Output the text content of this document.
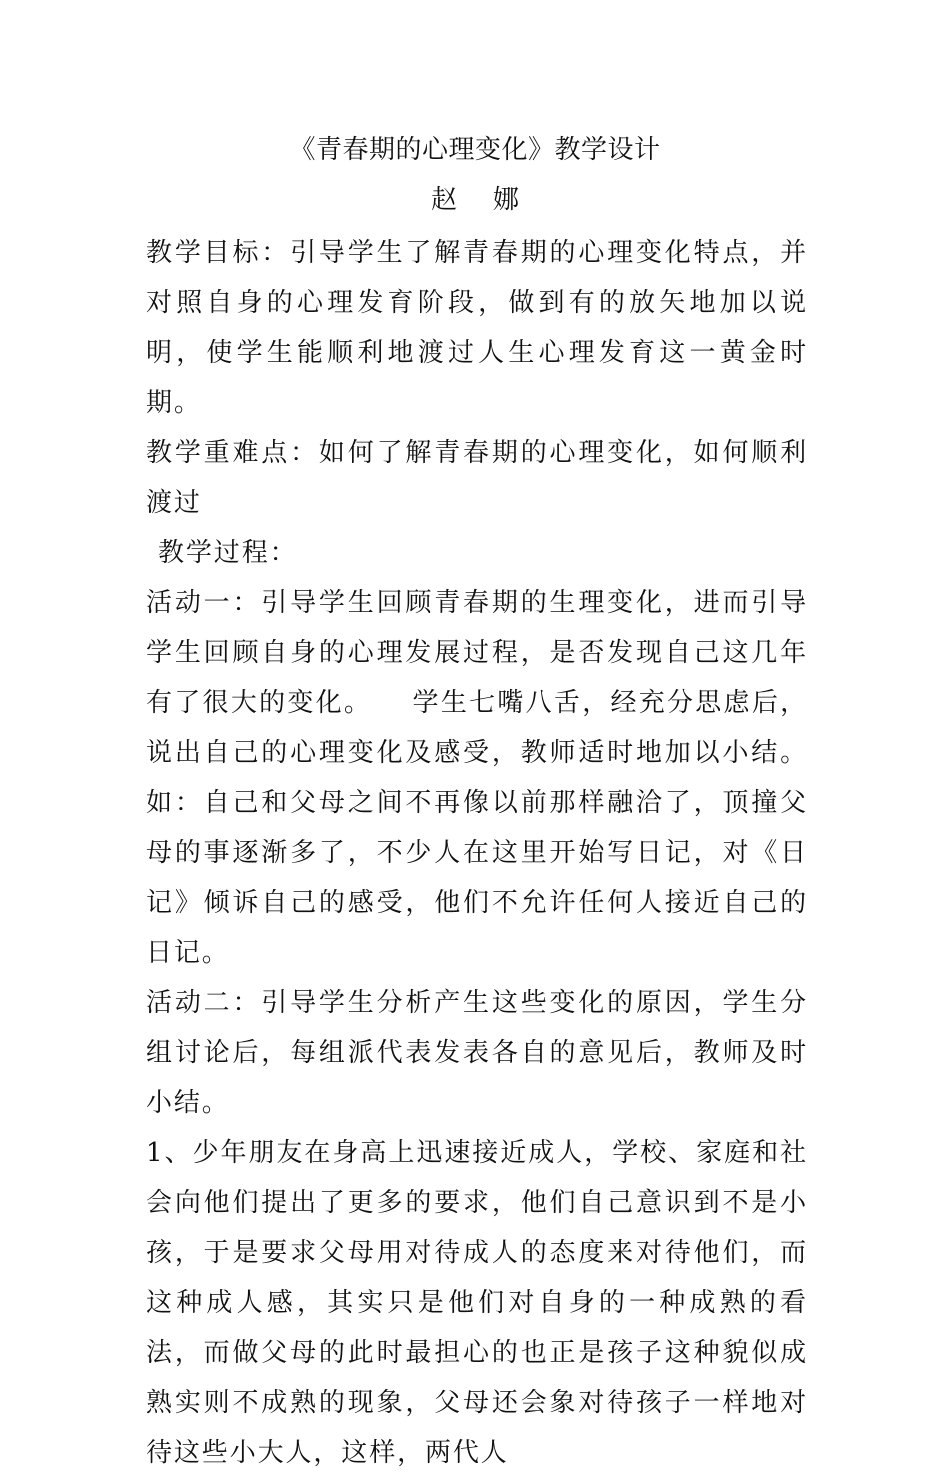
《青春期的心理变化》教学设计
赵 娜

教学目标：引导学生了解青春期的心理变化特点，并对照自身的心理发育阶段，做到有的放矢地加以说明，使学生能顺利地渡过人生心理发育这一黄金时期。

教学重难点：如何了解青春期的心理变化，如何顺利渡过

教学过程：

活动一：引导学生回顾青春期的生理变化，进而引导学生回顾自身的心理发展过程，是否发现自己这几年有了很大的变化。 学生七嘴八舌，经充分思虑后，说出自己的心理变化及感受，教师适时地加以小结。如：自己和父母之间不再像以前那样融洽了，顶撞父母的事逐渐多了，不少人在这里开始写日记，对《日记》倾诉自己的感受，他们不允许任何人接近自己的日记。

活动二：引导学生分析产生这些变化的原因，学生分组讨论后，每组派代表发表各自的意见后，教师及时小结。

1、少年朋友在身高上迅速接近成人，学校、家庭和社会向他们提出了更多的要求，他们自己意识到不是小孩，于是要求父母用对待成人的态度来对待他们，而这种成人感，其实只是他们对自身的一种成熟的看法，而做父母的此时最担心的也正是孩子这种貌似成熟实则不成熟的现象，父母还会象对待孩子一样地对待这些小大人，这样，两代人
